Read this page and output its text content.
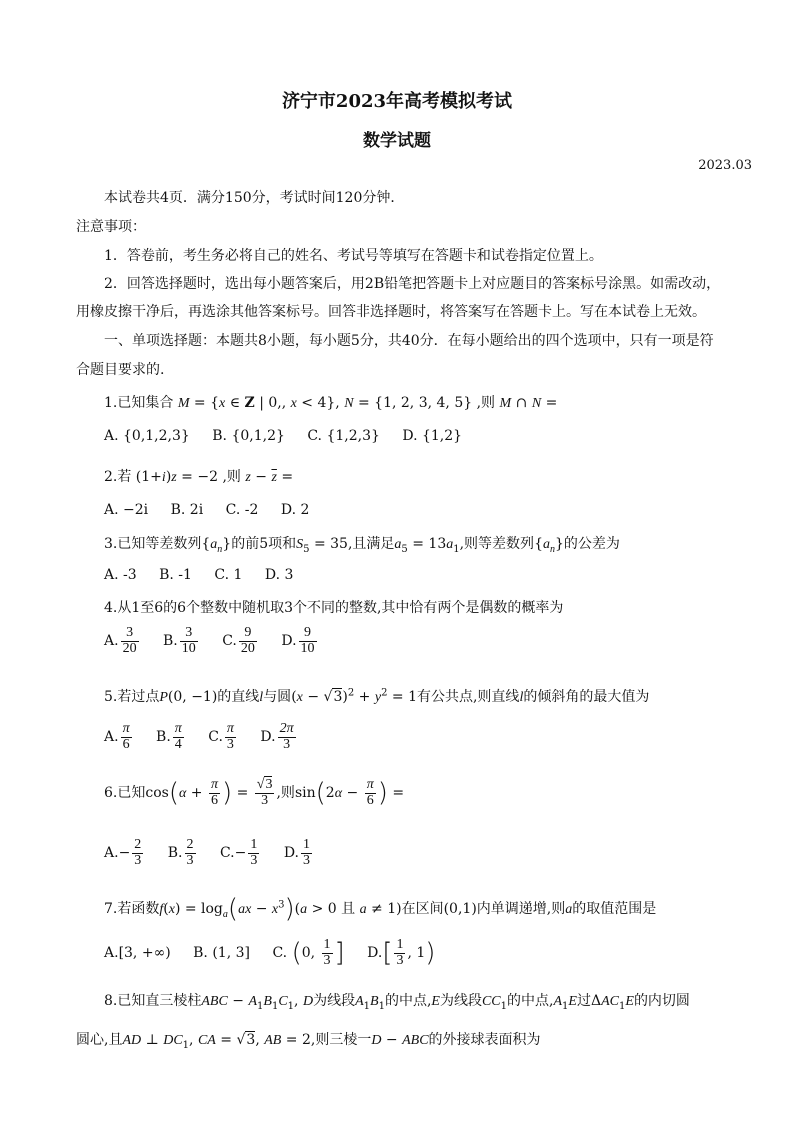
济宁市2023年高考模拟考试
数学试题
2023.03
本试卷共4页．满分150分，考试时间120分钟．
注意事项：
1．答卷前，考生务必将自己的姓名、考试号等填写在答题卡和试卷指定位置上。
2．回答选择题时，选出每小题答案后，用2B铅笔把答题卡上对应题目的答案标号涂黑。如需改动，
用橡皮擦干净后，再选涂其他答案标号。回答非选择题时，将答案写在答题卡上。写在本试卷上无效。
一、单项选择题：本题共8小题，每小题5分，共40分．在每小题给出的四个选项中，只有一项是符
合题目要求的.
1.已知集合 M = {x ∈ Z | 0,, x < 4}, N = {1, 2, 3, 4, 5} ,则 M ∩ N =
A. {0,1,2,3} B. {0,1,2} C. {1,2,3} D. {1,2}
2.若 (1+i)z = −2 ,则 $z - \overline{z}$ =
A. −2i B. 2i C. -2 D. 2
3.已知等差数列$\{a_n\}$的前5项和$S_5 = 35$,且满足$a_5 = 13a_1$,则等差数列$\{a_n\}$的公差为
A. -3 B. -1 C. 1 D. 3
4.从1至6的6个整数中随机取3个不同的整数,其中恰有两个是偶数的概率为
A. $\frac{3}{20} B$. $\frac{3}{10} C$. $\frac{9}{20} D$. $\frac{9}{10}$
5.若过点P(0, −1)的直线l与圆$(x - √3)^2 + y^2 = 1$有公共点,则直线l的倾斜角的最大值为
A. $\frac{\pi}{6} B$. $\frac{\pi}{4} C$. $\frac{\pi}{3} D$. $\frac{2\pi}{3}$
6.已知$\cos(\alpha + \frac{\pi}{6}$ ) = $\frac{√3}{3}$ ,则$\sin(2\alpha - \frac{\pi}{6}$ ) =
$A.- \frac{2}{3} B$. $\frac{2}{3} C.- \frac{1}{3} D$. $\frac{1}{3}$
7.若函数$f(x) = \log_a(ax - x^3)(a > 0$ 且 a ≠ 1)在区间(0,1)内单调递增,则a的取值范围是
A.[3, +∞) B. (1, 3] C. (0, $\frac{1}{3}$ ] $D.[ \frac{1}{3}$ , 1)
8.已知直三棱柱ABC − $A_1B_1C_1$, D为线段$A_1B_1$的中点,E为线段$CC_1$的中点$,A_1E$过$\Delta AC_1E$的内切圆
圆心,且AD ⊥ $DC_1$, CA = √3, AB = 2,则三棱一D − ABC的外接球表面积为
